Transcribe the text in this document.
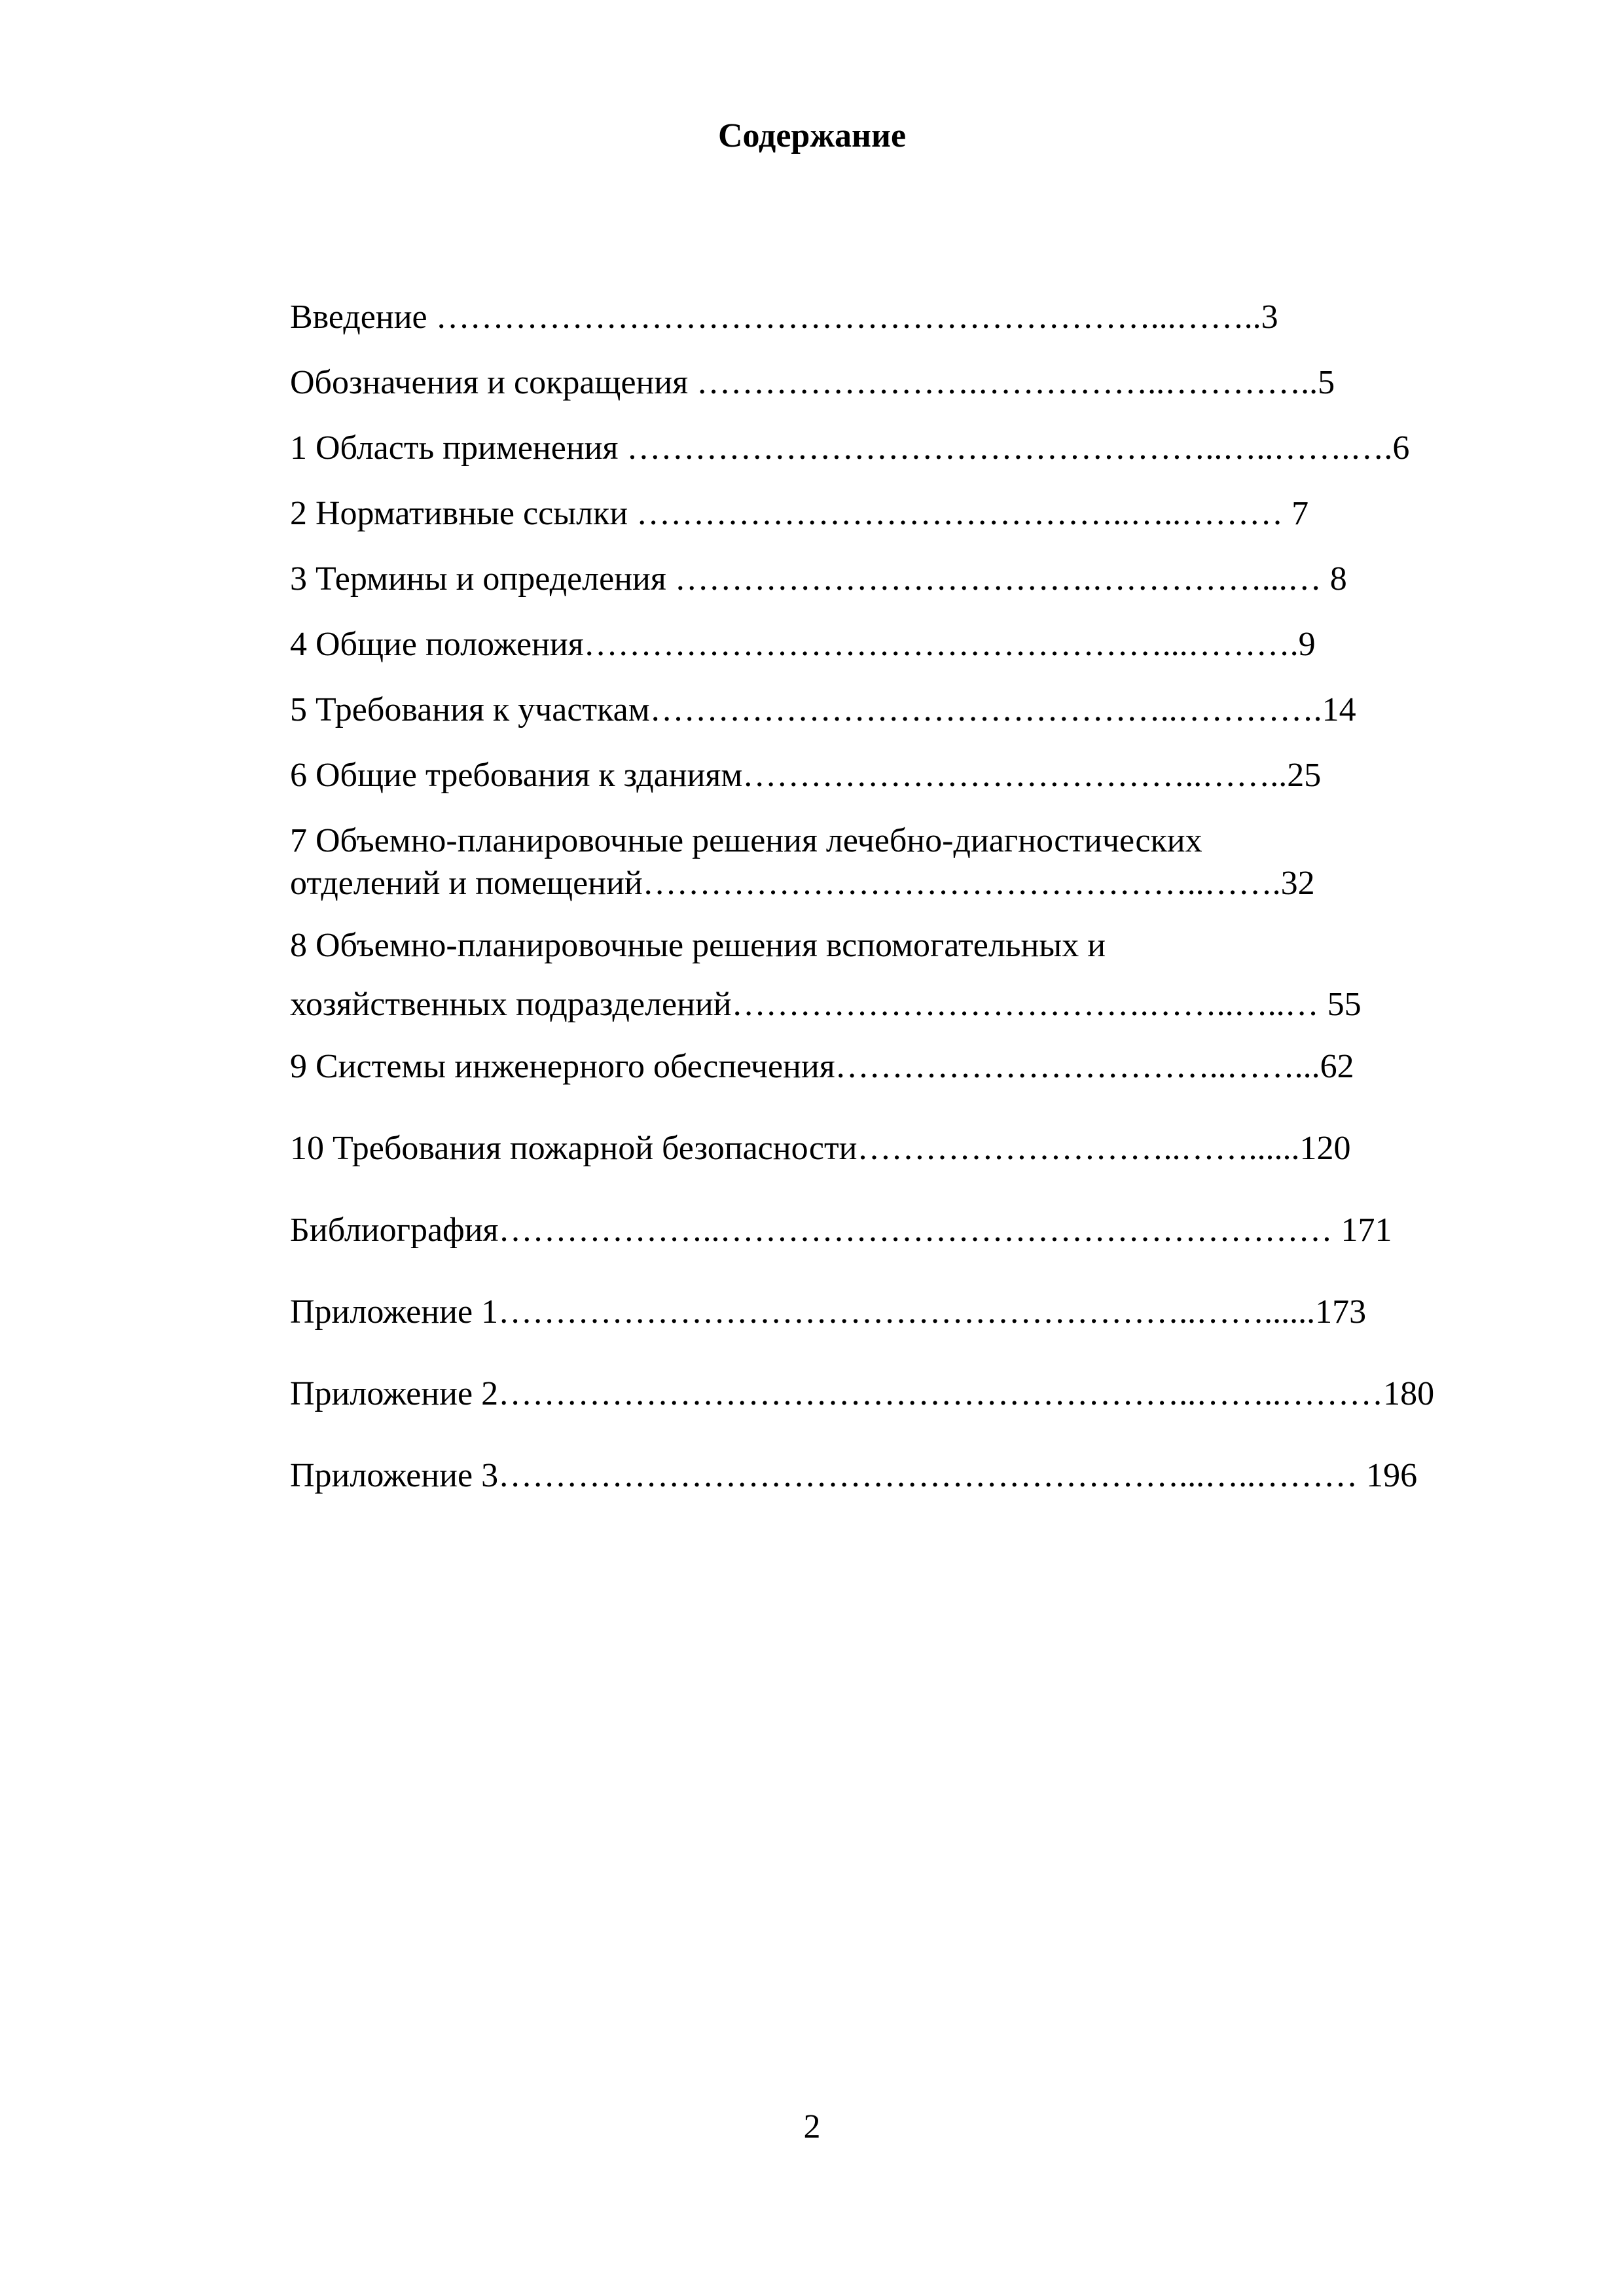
Содержание

Введение ………………………………………………………...……..3

Обозначения и сокращения …………………….……………..…………..5

1 Область применения ……………………………………………..…..…….….6

2 Нормативные ссылки ……………………………………..…..……… 7

3 Термины и определения ……………………………….……………...… 8

4 Общие положения……………………………………………...……….9

5 Требования к участкам………………………………………..………….14

6 Общие требования к зданиям…………………………………..……..25

7 Объемно-планировочные решения лечебно-диагностических

отделений и помещений…………………………………………..…….32

8 Объемно-планировочные решения вспомогательных и

хозяйственных подразделений……………………………….……..…..… 55

9 Системы инженерного обеспечения……………………………..……...62

10 Требования пожарной безопасности………………………..……......120

Библиография………………..……………………………………………… 171

Приложение 1……………………………………………………..……......173

Приложение 2……………………………………………………..……..………180

Приложение 3……………………………………………………...…..……… 196

2
